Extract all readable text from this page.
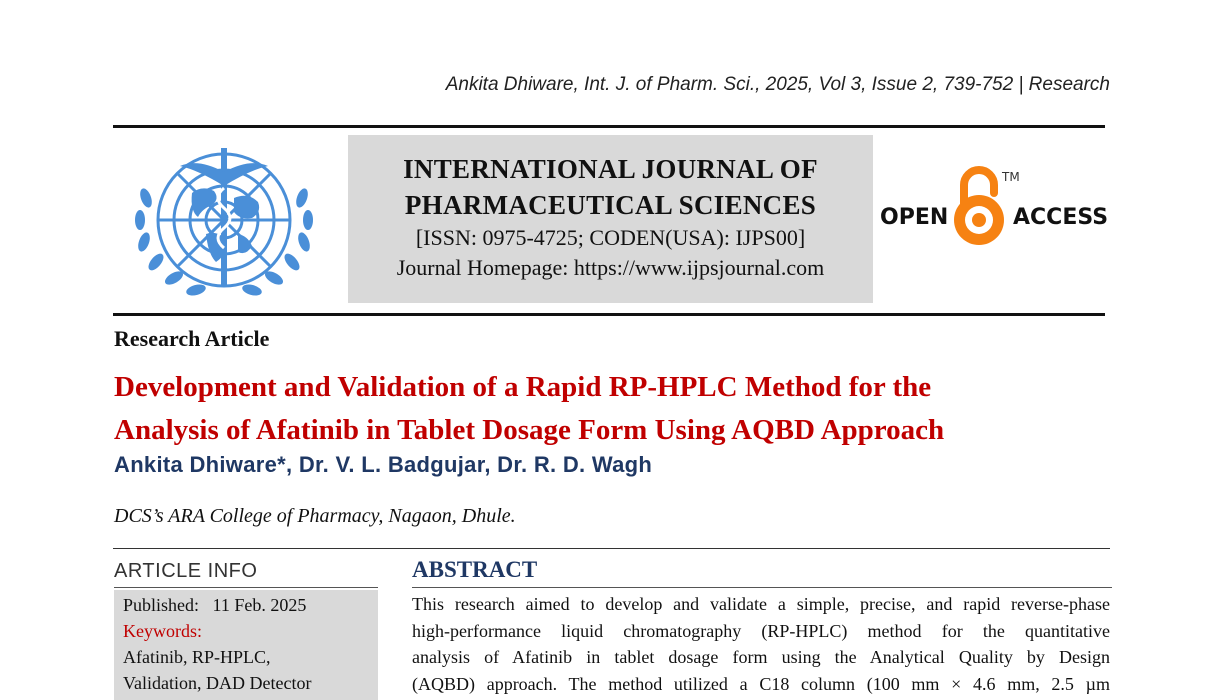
Ankita Dhiware, Int. J. of Pharm. Sci., 2025, Vol 3, Issue 2, 739-752 | Research
INTERNATIONAL JOURNAL OF
PHARMACEUTICAL SCIENCES
[ISSN: 0975-4725; CODEN(USA): IJPS00]
Journal Homepage: https://www.ijpsjournal.com
OPEN	ACCESS
TM
Research Article
Development and Validation of a Rapid RP-HPLC Method for the
Analysis of Afatinib in Tablet Dosage Form Using AQBD Approach
Ankita Dhiware*, Dr. V. L. Badgujar, Dr. R. D. Wagh
DCS’s ARA College of Pharmacy, Nagaon, Dhule.
ARTICLE INFO
Published: 11 Feb. 2025
Keywords:
Afatinib, RP-HPLC,
Validation, DAD Detector
ABSTRACT
This research aimed to develop and validate a simple, precise, and rapid reverse-phase
high-performance liquid chromatography (RP-HPLC) method for the quantitative
analysis of Afatinib in tablet dosage form using the Analytical Quality by Design
(AQBD) approach. The method utilized a C18 column (100 mm × 4.6 mm, 2.5 µm
